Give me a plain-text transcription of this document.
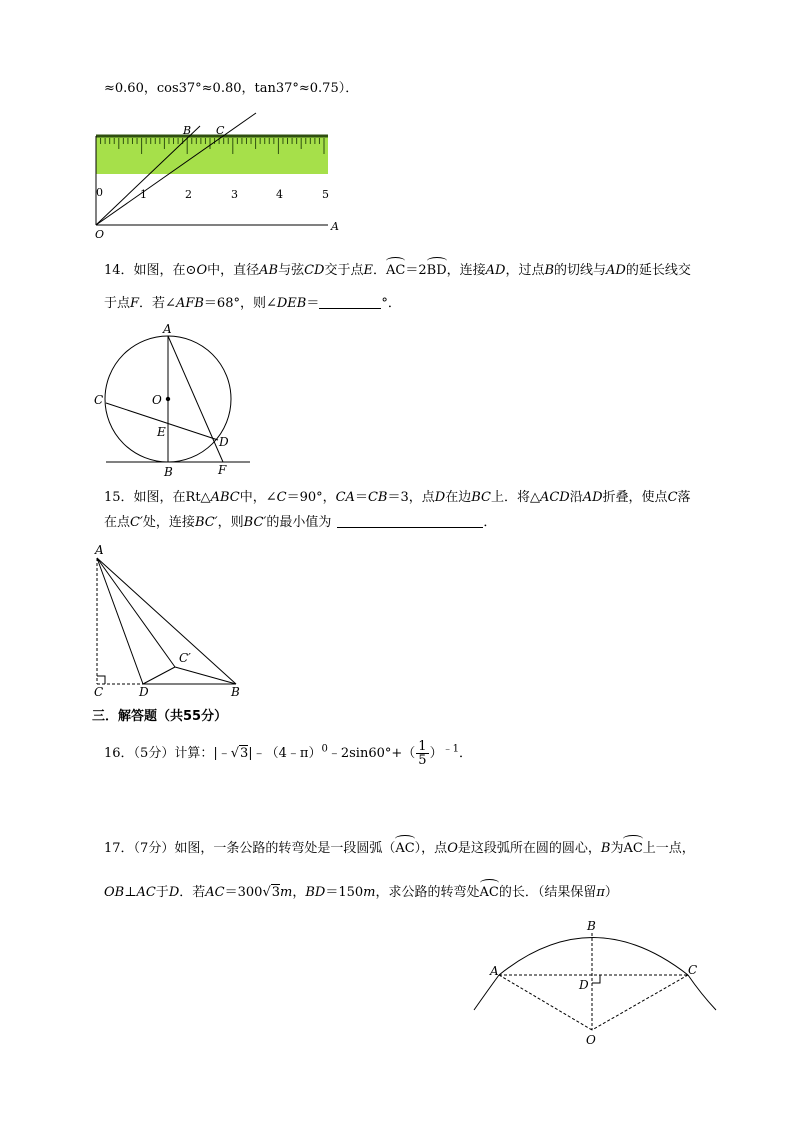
≈0.60，cos37°≈0.80，tan37°≈0.75）．
0	1	2	3	4	5
B C
O
A
14．如图，在⊙O中，直径AB与弦CD交于点E．AC＝2BD，连接AD，过点B的切线与AD的延长线交
于点F．若∠AFB＝68°，则∠DEB＝	°．
A
O
C
E
D
B	F
15．如图，在Rt△ABC中，∠C＝90°，CA＝CB＝3，点D在边BC上．将△ACD沿AD折叠，使点C落
在点C′处，连接BC′，则BC′的最小值为	．
A
C′
C	D	B
三．解答题（共55分）
16．（5分）计算：|﹣√3|﹣（4﹣π）$^0$﹣2sin60°+（ $\frac{1}{5} )^{﹣1}$．
17．（7分）如图，一条公路的转弯处是一段圆弧（AC），点O是这段弧所在圆的圆心，B为AC上一点，
OB⊥AC于D．若AC＝300√3m，BD＝150m，求公路的转弯处AC的长．（结果保留π）
B
A	C
D
O
